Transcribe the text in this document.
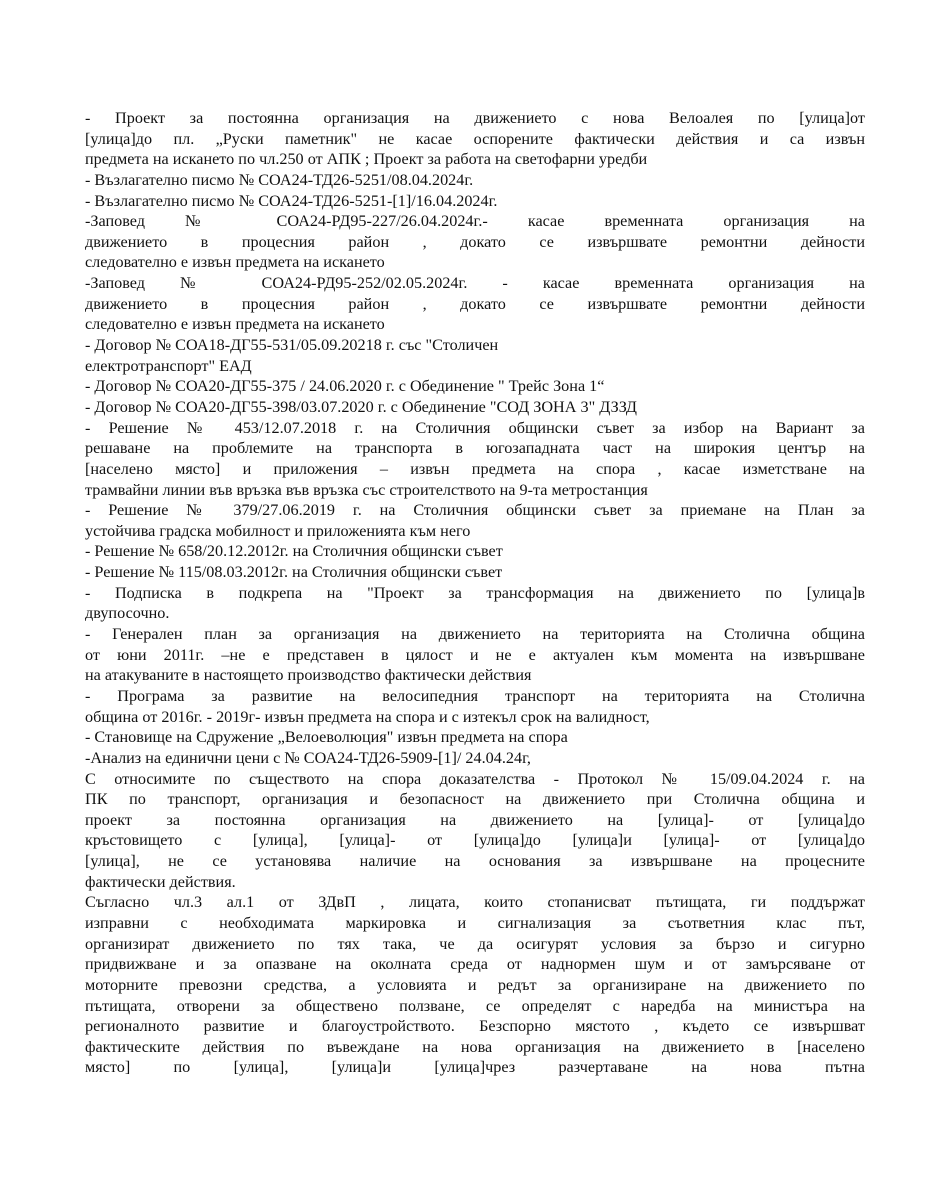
- Проект за постоянна организация на движението с нова Велоалея по [улица]от
[улица]до пл. „Руски паметник" не касае оспорените фактически действия и са извън
предмета на искането по чл.250 от АПК ; Проект за работа на светофарни уредби
- Възлагателно писмо № СОА24-ТД26-5251/08.04.2024г.
- Възлагателно писмо № СОА24-ТД26-5251-[1]/16.04.2024г.
-Заповед № СОА24-РД95-227/26.04.2024г.- касае временната организация на
движението в процесния район , докато се извършвате ремонтни дейности
следователно е извън предмета на искането
-Заповед № СОА24-РД95-252/02.05.2024г. - касае временната организация на
движението в процесния район , докато се извършвате ремонтни дейности
следователно е извън предмета на искането
- Договор № СОА18-ДГ55-531/05.09.20218 г. със "Столичен
електротранспорт" ЕАД
- Договор № СОА20-ДГ55-375 / 24.06.2020 г. с Обединение " Трейс Зона 1“
- Договор № СОА20-ДГ55-398/03.07.2020 г. с Обединение "СОД ЗОНА 3" ДЗЗД
- Решение № 453/12.07.2018 г. на Столичния общински съвет за избор на Вариант за
решаване на проблемите на транспорта в югозападната част на широкия център на
[населено място] и приложения – извън предмета на спора , касае изметстване на
трамвайни линии във връзка във връзка със строителството на 9-та метростанция
- Решение № 379/27.06.2019 г. на Столичния общински съвет за приемане на План за
устойчива градска мобилност и приложенията към него
- Решение № 658/20.12.2012г. на Столичния общински съвет
- Решение № 115/08.03.2012г. на Столичния общински съвет
- Подписка в подкрепа на "Проект за трансформация на движението по [улица]в
двупосочно.
- Генерален план за организация на движението на територията на Столична община
от юни 2011г. –не е представен в цялост и не е актуален към момента на извършване
на атакуваните в настоящето производство фактически действия
- Програма за развитие на велосипедния транспорт на територията на Столична
община от 2016г. - 2019г- извън предмета на спора и с изтекъл срок на валидност,
- Становище на Сдружение „Велоеволюция" извън предмета на спора
-Анализ на единични цени с № СОА24-ТД26-5909-[1]/ 24.04.24г,
С относимите по съществото на спора доказателства - Протокол № 15/09.04.2024 г. на
ПК по транспорт, организация и безопасност на движението при Столична община и
проект за постоянна организация на движението на [улица]- от [улица]до
кръстовището с [улица], [улица]- от [улица]до [улица]и [улица]- от [улица]до
[улица], не се установява наличие на основания за извършване на процесните
фактически действия.
Съгласно чл.3 ал.1 от ЗДвП , лицата, които стопанисват пътищата, ги поддържат
изправни с необходимата маркировка и сигнализация за съответния клас път,
организират движението по тях така, че да осигурят условия за бързо и сигурно
придвижване и за опазване на околната среда от наднормен шум и от замърсяване от
моторните превозни средства, а условията и редът за организиране на движението по
пътищата, отворени за обществено ползване, се определят с наредба на министъра на
регионалното развитие и благоустройството. Безспорно мястото , където се извършват
фактическите действия по въвеждане на нова организация на движението в [населено
място] по [улица], [улица]и [улица]чрез разчертаване на нова пътна
